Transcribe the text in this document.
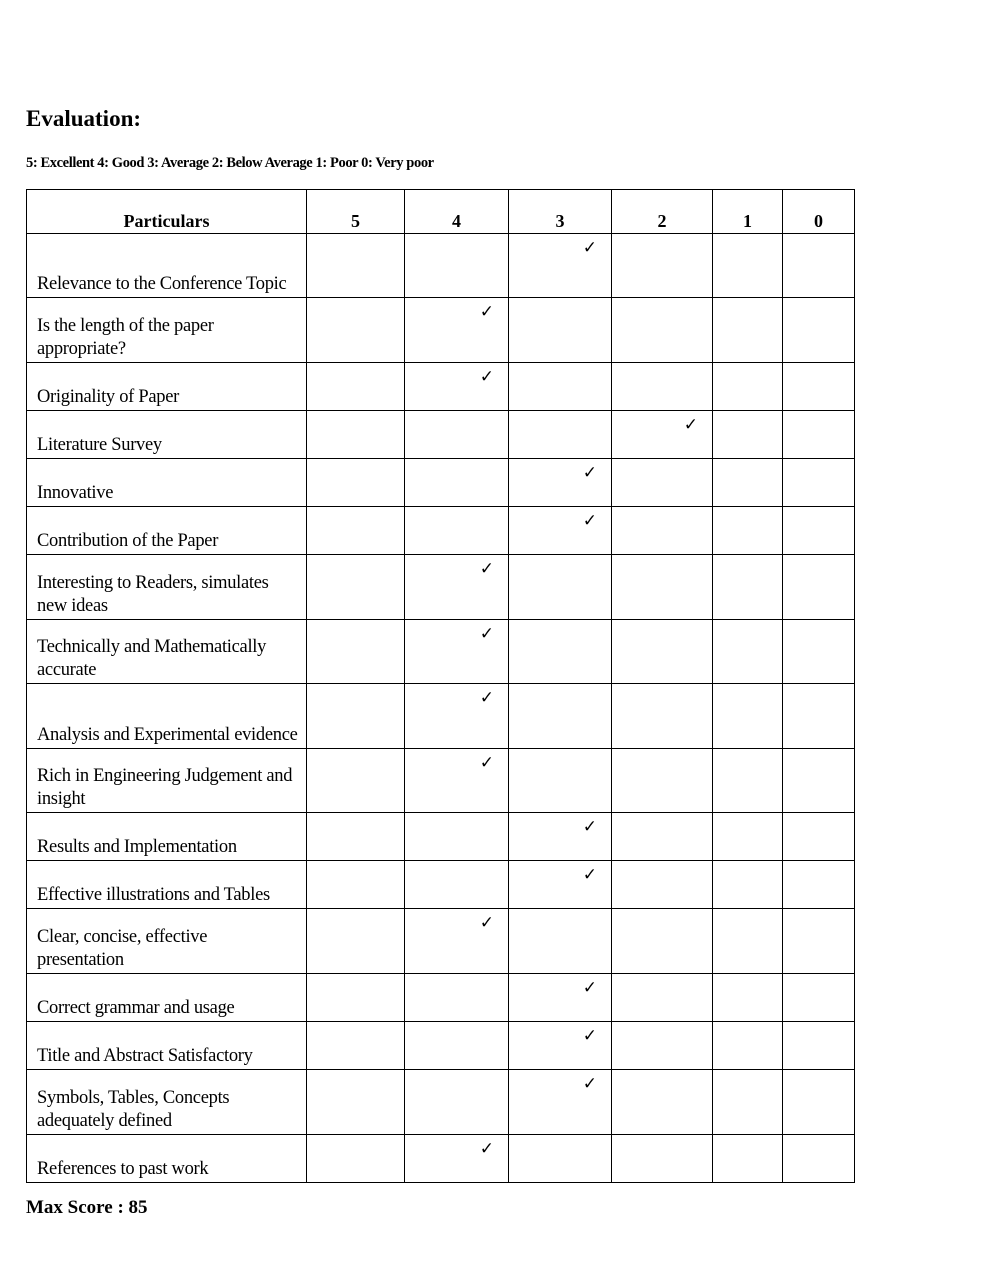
Evaluation:

5: Excellent 4: Good 3: Average 2: Below Average 1: Poor 0: Very poor

Particulars	5	4	3	2	1	0
Relevance to the Conference Topic			✓			

Is the length of the paper appropriate?		✓				

Originality of Paper		✓				

Literature Survey				✓		

Innovative			✓			

Contribution of the Paper			✓			

Interesting to Readers, simulates new ideas		✓				

Technically and Mathematically accurate		✓				

Analysis and Experimental evidence		✓				

Rich in Engineering Judgement and insight		✓				

Results and Implementation			✓			

Effective illustrations and Tables			✓			

Clear, concise, effective presentation		✓				

Correct grammar and usage			✓			

Title and Abstract Satisfactory			✓			

Symbols, Tables, Concepts adequately defined			✓			

References to past work		✓				

Max Score : 85
